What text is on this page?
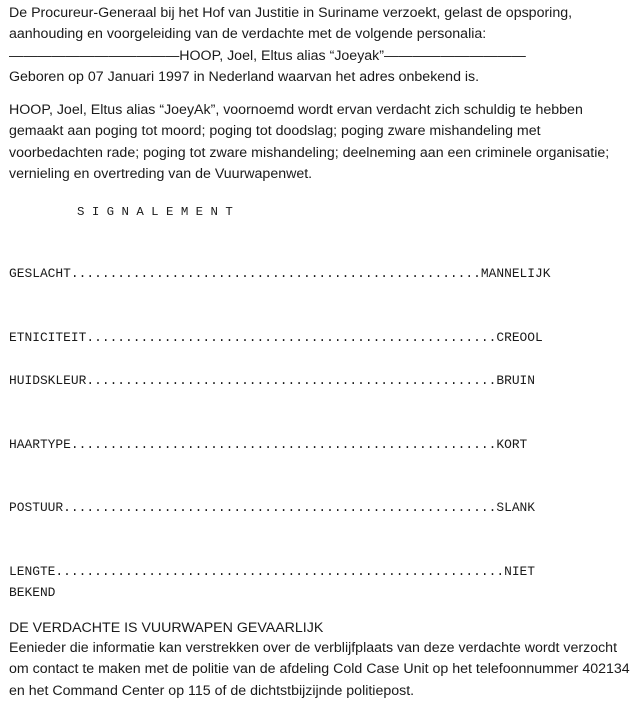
De Procureur-Generaal bij het Hof van Justitie in Suriname verzoekt, gelast de opsporing,
aanhouding en voorgeleiding van de verdachte met de volgende personalia:
————————————HOOP, Joel, Eltus alias “Joeyak”——————————
Geboren op 07 Januari 1997 in Nederland waarvan het adres onbekend is.
HOOP, Joel, Eltus alias “JoeyAk”, voornoemd wordt ervan verdacht zich schuldig te hebben
gemaakt aan poging tot moord; poging tot doodslag; poging zware mishandeling met
voorbedachten rade; poging tot zware mishandeling; deelneming aan een criminele organisatie;
vernieling en overtreding van de Vuurwapenwet.
SIGNALEMENT
GESLACHT.....................................................MANNELIJK
ETNICITEIT.....................................................CREOOL
HUIDSKLEUR.....................................................BRUIN
HAARTYPE.......................................................KORT
POSTUUR........................................................SLANK
LENGTE..........................................................NIET
BEKEND
DE VERDACHTE IS VUURWAPEN GEVAARLIJK
Eenieder die informatie kan verstrekken over de verblijfplaats van deze verdachte wordt verzocht
om contact te maken met de politie van de afdeling Cold Case Unit op het telefoonnummer 402134
en het Command Center op 115 of de dichtstbijzijnde politiepost.
